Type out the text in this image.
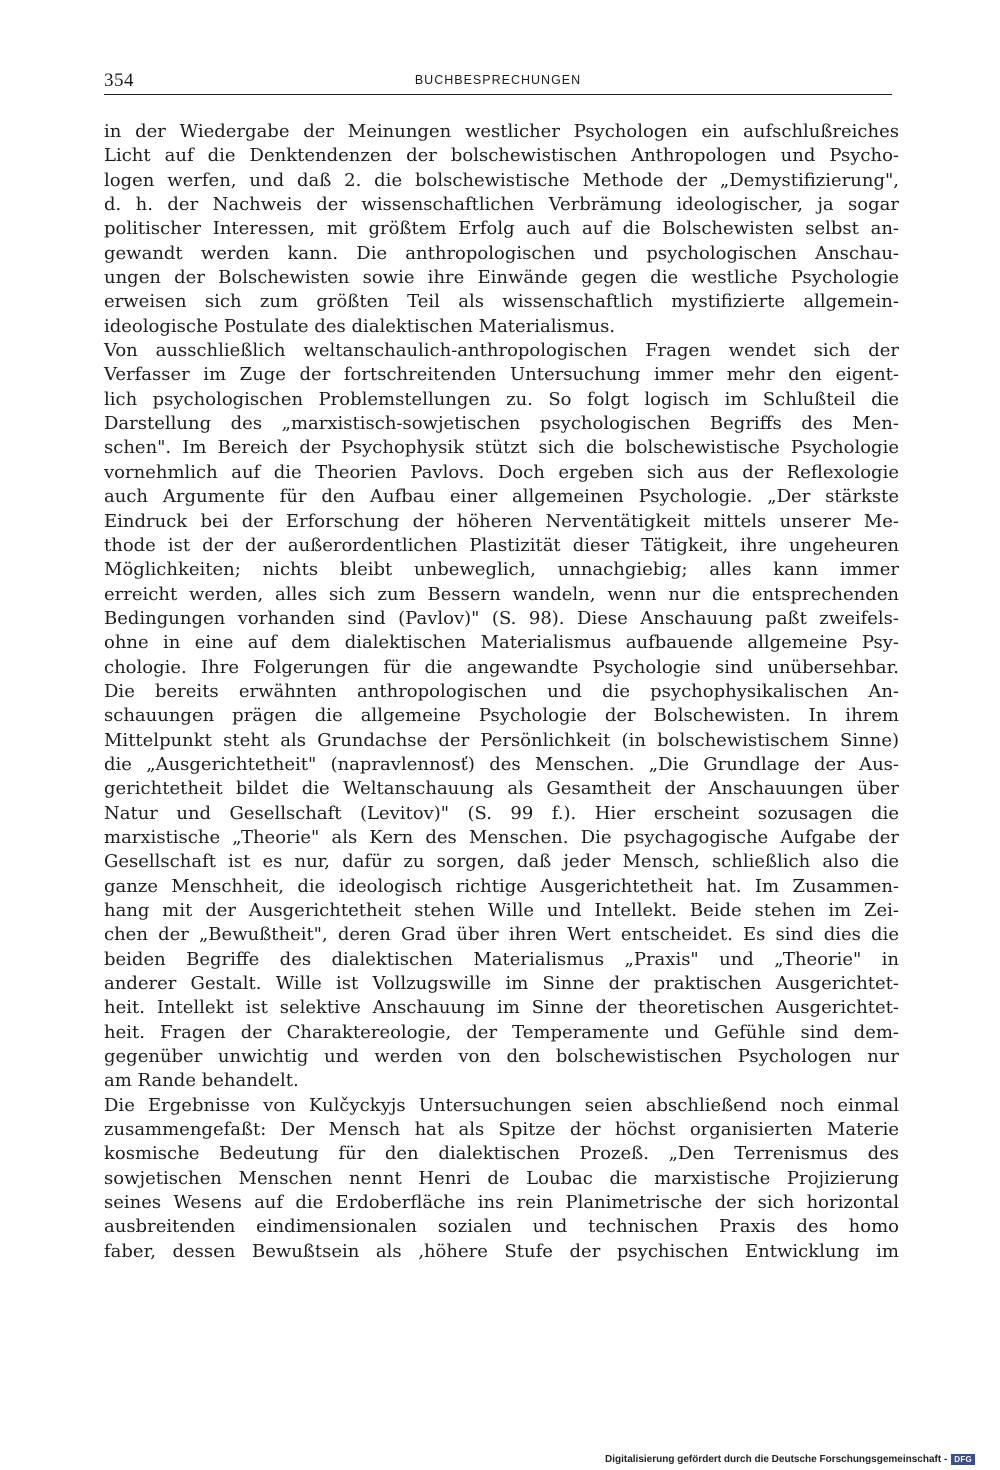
354	BUCHBESPRECHUNGEN
in der Wiedergabe der Meinungen westlicher Psychologen ein aufschlußreiches
Licht auf die Denktendenzen der bolschewistischen Anthropologen und Psycho-
logen werfen, und daß 2. die bolschewistische Methode der „Demystifizierung",
d. h. der Nachweis der wissenschaftlichen Verbrämung ideologischer, ja sogar
politischer Interessen, mit größtem Erfolg auch auf die Bolschewisten selbst an-
gewandt werden kann. Die anthropologischen und psychologischen Anschau-
ungen der Bolschewisten sowie ihre Einwände gegen die westliche Psychologie
erweisen sich zum größten Teil als wissenschaftlich mystifizierte allgemein-
ideologische Postulate des dialektischen Materialismus.
Von ausschließlich weltanschaulich-anthropologischen Fragen wendet sich der
Verfasser im Zuge der fortschreitenden Untersuchung immer mehr den eigent-
lich psychologischen Problemstellungen zu. So folgt logisch im Schlußteil die
Darstellung des „marxistisch-sowjetischen psychologischen Begriffs des Men-
schen". Im Bereich der Psychophysik stützt sich die bolschewistische Psychologie
vornehmlich auf die Theorien Pavlovs. Doch ergeben sich aus der Reflexologie
auch Argumente für den Aufbau einer allgemeinen Psychologie. „Der stärkste
Eindruck bei der Erforschung der höheren Nerventätigkeit mittels unserer Me-
thode ist der der außerordentlichen Plastizität dieser Tätigkeit, ihre ungeheuren
Möglichkeiten; nichts bleibt unbeweglich, unnachgiebig; alles kann immer
erreicht werden, alles sich zum Bessern wandeln, wenn nur die entsprechenden
Bedingungen vorhanden sind (Pavlov)" (S. 98). Diese Anschauung paßt zweifels-
ohne in eine auf dem dialektischen Materialismus aufbauende allgemeine Psy-
chologie. Ihre Folgerungen für die angewandte Psychologie sind unübersehbar.
Die bereits erwähnten anthropologischen und die psychophysikalischen An-
schauungen prägen die allgemeine Psychologie der Bolschewisten. In ihrem
Mittelpunkt steht als Grundachse der Persönlichkeit (in bolschewistischem Sinne)
die „Ausgerichtetheit" (napravlennosť) des Menschen. „Die Grundlage der Aus-
gerichtetheit bildet die Weltanschauung als Gesamtheit der Anschauungen über
Natur und Gesellschaft (Levitov)" (S. 99 f.). Hier erscheint sozusagen die
marxistische „Theorie" als Kern des Menschen. Die psychagogische Aufgabe der
Gesellschaft ist es nur, dafür zu sorgen, daß jeder Mensch, schließlich also die
ganze Menschheit, die ideologisch richtige Ausgerichtetheit hat. Im Zusammen-
hang mit der Ausgerichtetheit stehen Wille und Intellekt. Beide stehen im Zei-
chen der „Bewußtheit", deren Grad über ihren Wert entscheidet. Es sind dies die
beiden Begriffe des dialektischen Materialismus „Praxis" und „Theorie" in
anderer Gestalt. Wille ist Vollzugswille im Sinne der praktischen Ausgerichtet-
heit. Intellekt ist selektive Anschauung im Sinne der theoretischen Ausgerichtet-
heit. Fragen der Charaktereologie, der Temperamente und Gefühle sind dem-
gegenüber unwichtig und werden von den bolschewistischen Psychologen nur
am Rande behandelt.
Die Ergebnisse von Kulčyckyjs Untersuchungen seien abschließend noch einmal
zusammengefaßt: Der Mensch hat als Spitze der höchst organisierten Materie
kosmische Bedeutung für den dialektischen Prozeß. „Den Terrenismus des
sowjetischen Menschen nennt Henri de Loubac die marxistische Projizierung
seines Wesens auf die Erdoberfläche ins rein Planimetrische der sich horizontal
ausbreitenden eindimensionalen sozialen und technischen Praxis des homo
faber, dessen Bewußtsein als ‚höhere Stufe der psychischen Entwicklung im
Digitalisierung gefördert durch die Deutsche Forschungsgemeinschaft - DFG
